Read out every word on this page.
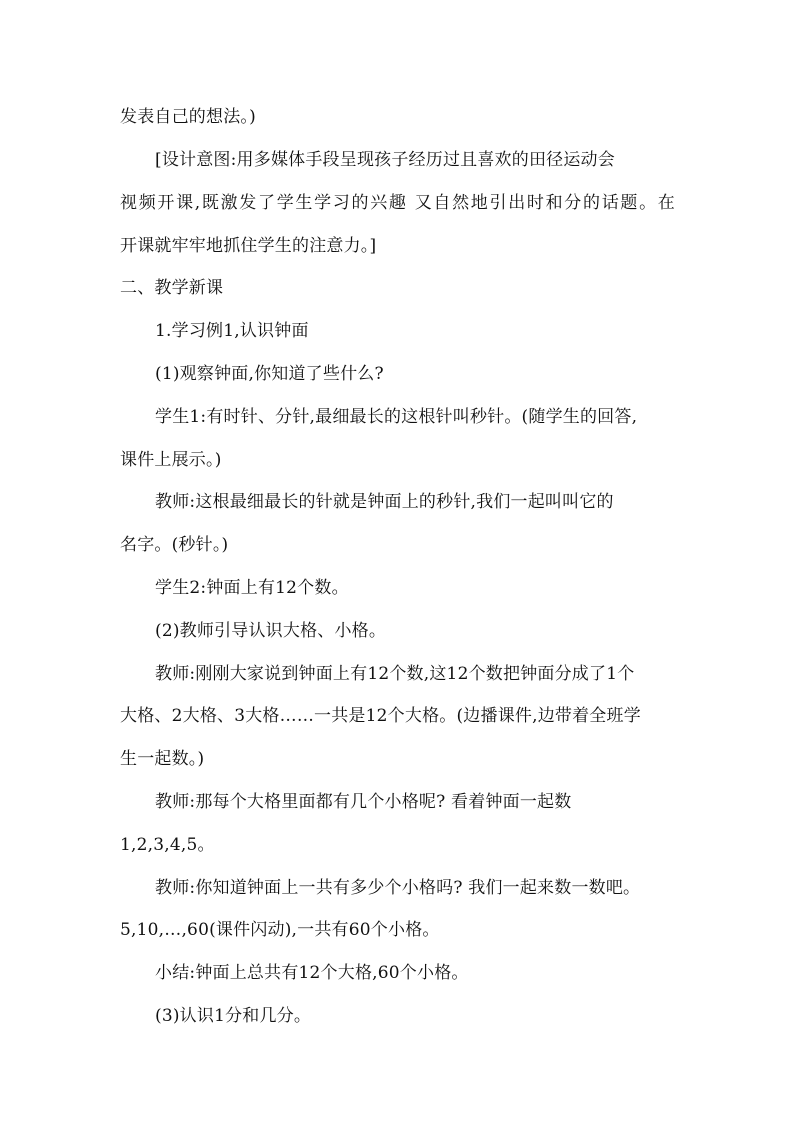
发表自己的想法。)
[设计意图:用多媒体手段呈现孩子经历过且喜欢的田径运动会
视频开课,既激发了学生学习的兴趣 又自然地引出时和分的话题。在
开课就牢牢地抓住学生的注意力。]
二、教学新课
1.学习例1,认识钟面
(1)观察钟面,你知道了些什么?
学生1:有时针、分针,最细最长的这根针叫秒针。(随学生的回答,
课件上展示。)
教师:这根最细最长的针就是钟面上的秒针,我们一起叫叫它的
名字。(秒针。)
学生2:钟面上有12个数。
(2)教师引导认识大格、小格。
教师:刚刚大家说到钟面上有12个数,这12个数把钟面分成了1个
大格、2大格、3大格……一共是12个大格。(边播课件,边带着全班学
生一起数。)
教师:那每个大格里面都有几个小格呢? 看着钟面一起数
1,2,3,4,5。
教师:你知道钟面上一共有多少个小格吗? 我们一起来数一数吧。
5,10,…,60(课件闪动),一共有60个小格。
小结:钟面上总共有12个大格,60个小格。
(3)认识1分和几分。
